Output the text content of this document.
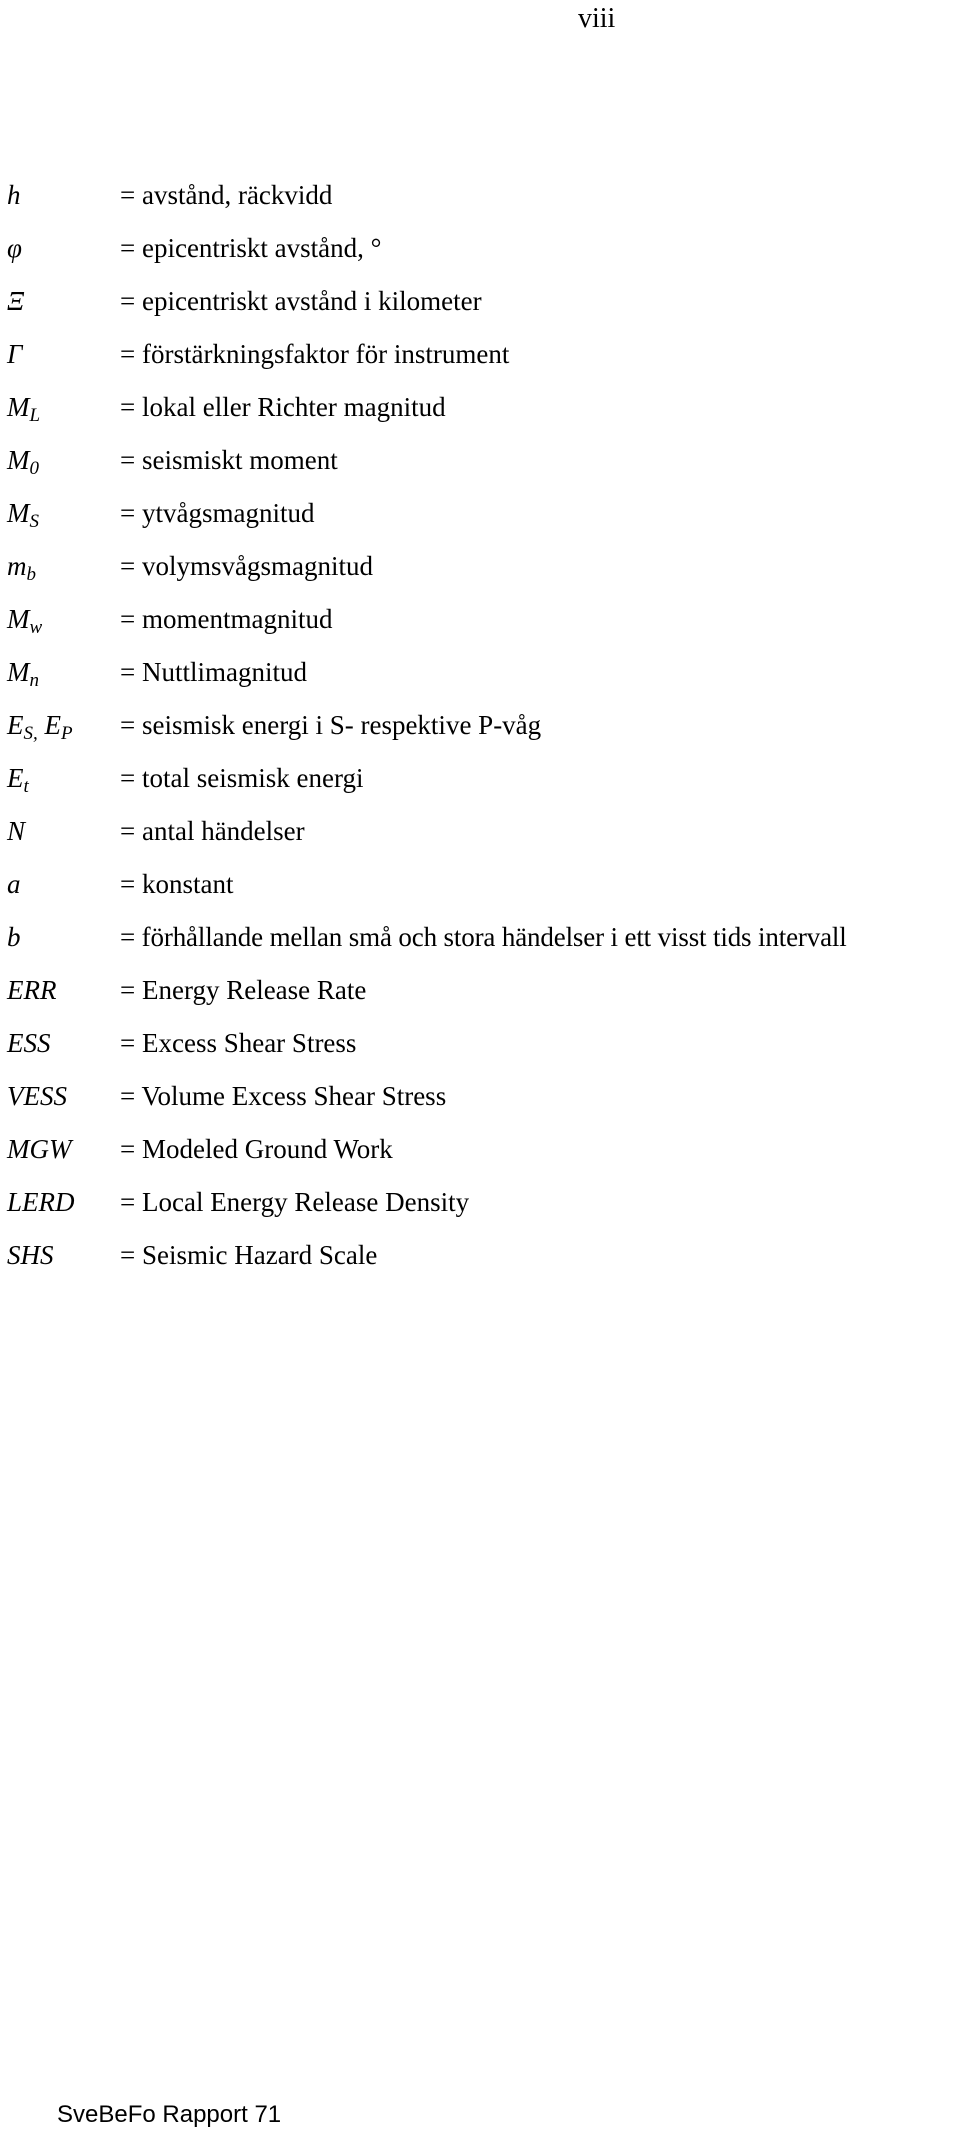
viii
h	= avstånd, räckvidd
φ	= epicentriskt avstånd, °
Ξ	= epicentriskt avstånd i kilometer
Γ	= förstärkningsfaktor för instrument
$M_L$	= lokal eller Richter magnitud
$M_0$	= seismiskt moment
$M_S$	= ytvågsmagnitud
$m_b$	= volymsvågsmagnitud
$M_w$	= momentmagnitud
$M_n$	= Nuttlimagnitud
$E_{S,}$ $E_P$ = seismisk energi i S- respektive P-våg
$E_t$	= total seismisk energi
N	= antal händelser
a	= konstant
b	= förhållande mellan små och stora händelser i ett visst tids intervall
ERR = Energy Release Rate
ESS	= Excess Shear Stress
VESS = Volume Excess Shear Stress
MGW = Modeled Ground Work
LERD = Local Energy Release Density
SHS = Seismic Hazard Scale
SveBeFo Rapport 71
